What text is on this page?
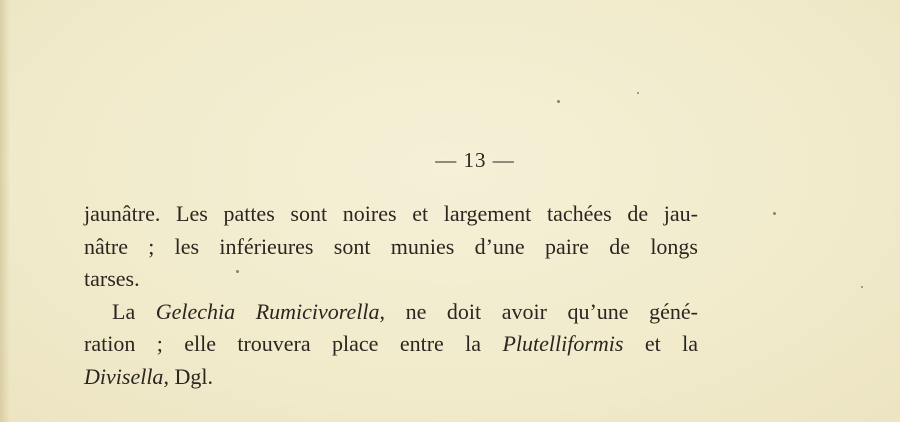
— 13 —
jaunâtre. Les pattes sont noires et largement tachées de jau-
nâtre ; les inférieures sont munies d’une paire de longs
tarses.
La Gelechia Rumicivorella, ne doit avoir qu’une géné-
ration ; elle trouvera place entre la Plutelliformis et la
Divisella, Dgl.
